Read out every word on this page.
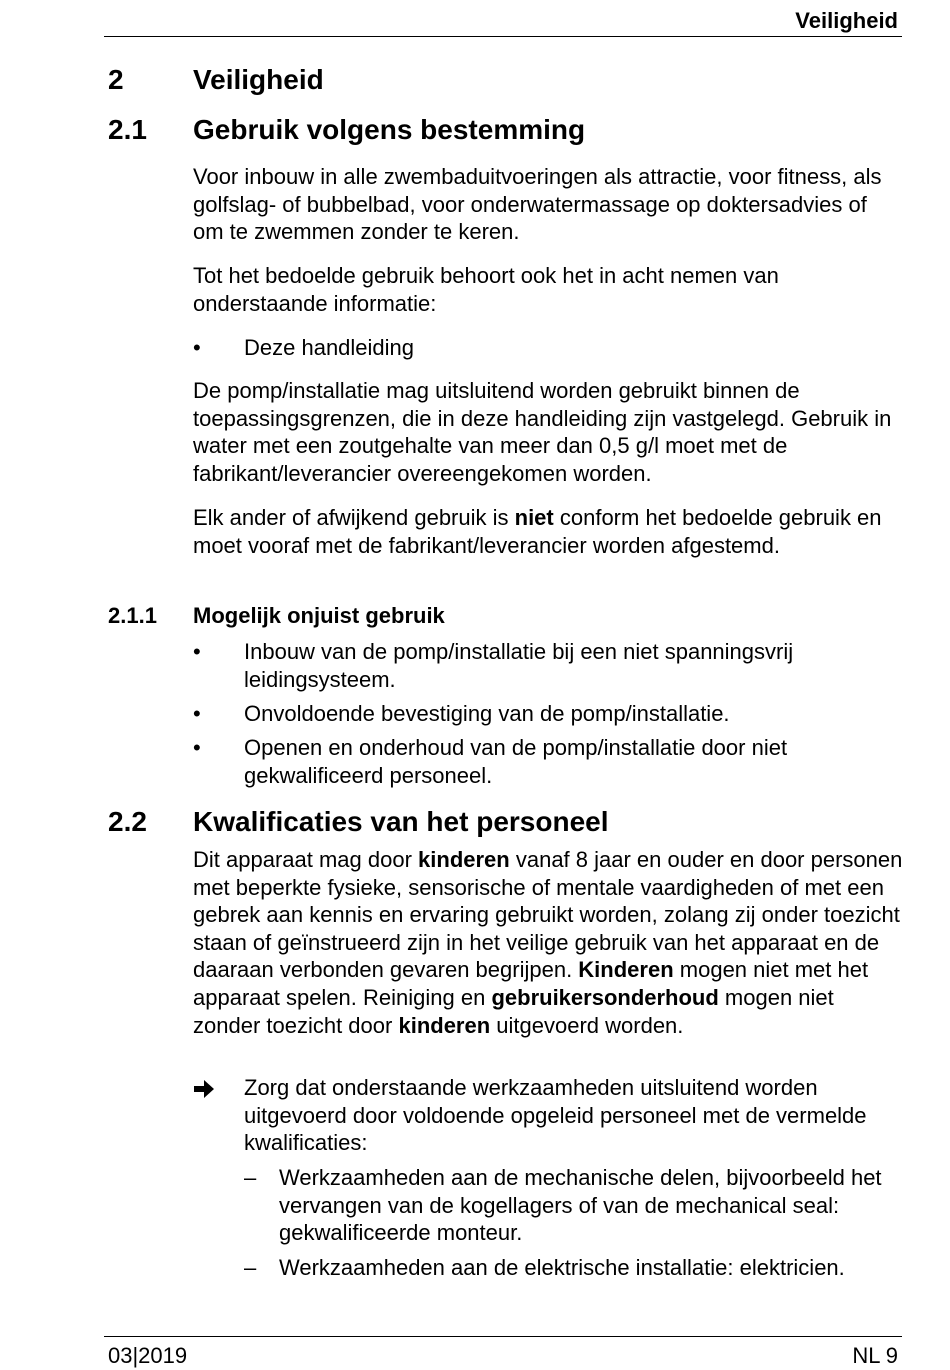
Veiligheid
2 Veiligheid
2.1 Gebruik volgens bestemming
Voor inbouw in alle zwembaduitvoeringen als attractie, voor fitness, als golfslag- of bubbelbad, voor onderwatermassage op doktersadvies of om te zwemmen zonder te keren.
Tot het bedoelde gebruik behoort ook het in acht nemen van onderstaande informatie:
• Deze handleiding
De pomp/installatie mag uitsluitend worden gebruikt binnen de toepassingsgrenzen, die in deze handleiding zijn vastgelegd. Gebruik in water met een zoutgehalte van meer dan 0,5 g/l moet met de fabrikant/leverancier overeengekomen worden.
Elk ander of afwijkend gebruik is niet conform het bedoelde gebruik en moet vooraf met de fabrikant/leverancier worden afgestemd.
2.1.1 Mogelijk onjuist gebruik
• Inbouw van de pomp/installatie bij een niet spanningsvrij leidingsysteem.
• Onvoldoende bevestiging van de pomp/installatie.
• Openen en onderhoud van de pomp/installatie door niet gekwalificeerd personeel.
2.2 Kwalificaties van het personeel
Dit apparaat mag door kinderen vanaf 8 jaar en ouder en door personen met beperkte fysieke, sensorische of mentale vaardigheden of met een gebrek aan kennis en ervaring gebruikt worden, zolang zij onder toezicht staan of geïnstrueerd zijn in het veilige gebruik van het apparaat en de daaraan verbonden gevaren begrijpen. Kinderen mogen niet met het apparaat spelen. Reiniging en gebruikersonderhoud mogen niet zonder toezicht door kinderen uitgevoerd worden.
Zorg dat onderstaande werkzaamheden uitsluitend worden uitgevoerd door voldoende opgeleid personeel met de vermelde kwalificaties:
– Werkzaamheden aan de mechanische delen, bijvoorbeeld het vervangen van de kogellagers of van de mechanical seal: gekwalificeerde monteur.
– Werkzaamheden aan de elektrische installatie: elektricien.
03|2019	NL 9
